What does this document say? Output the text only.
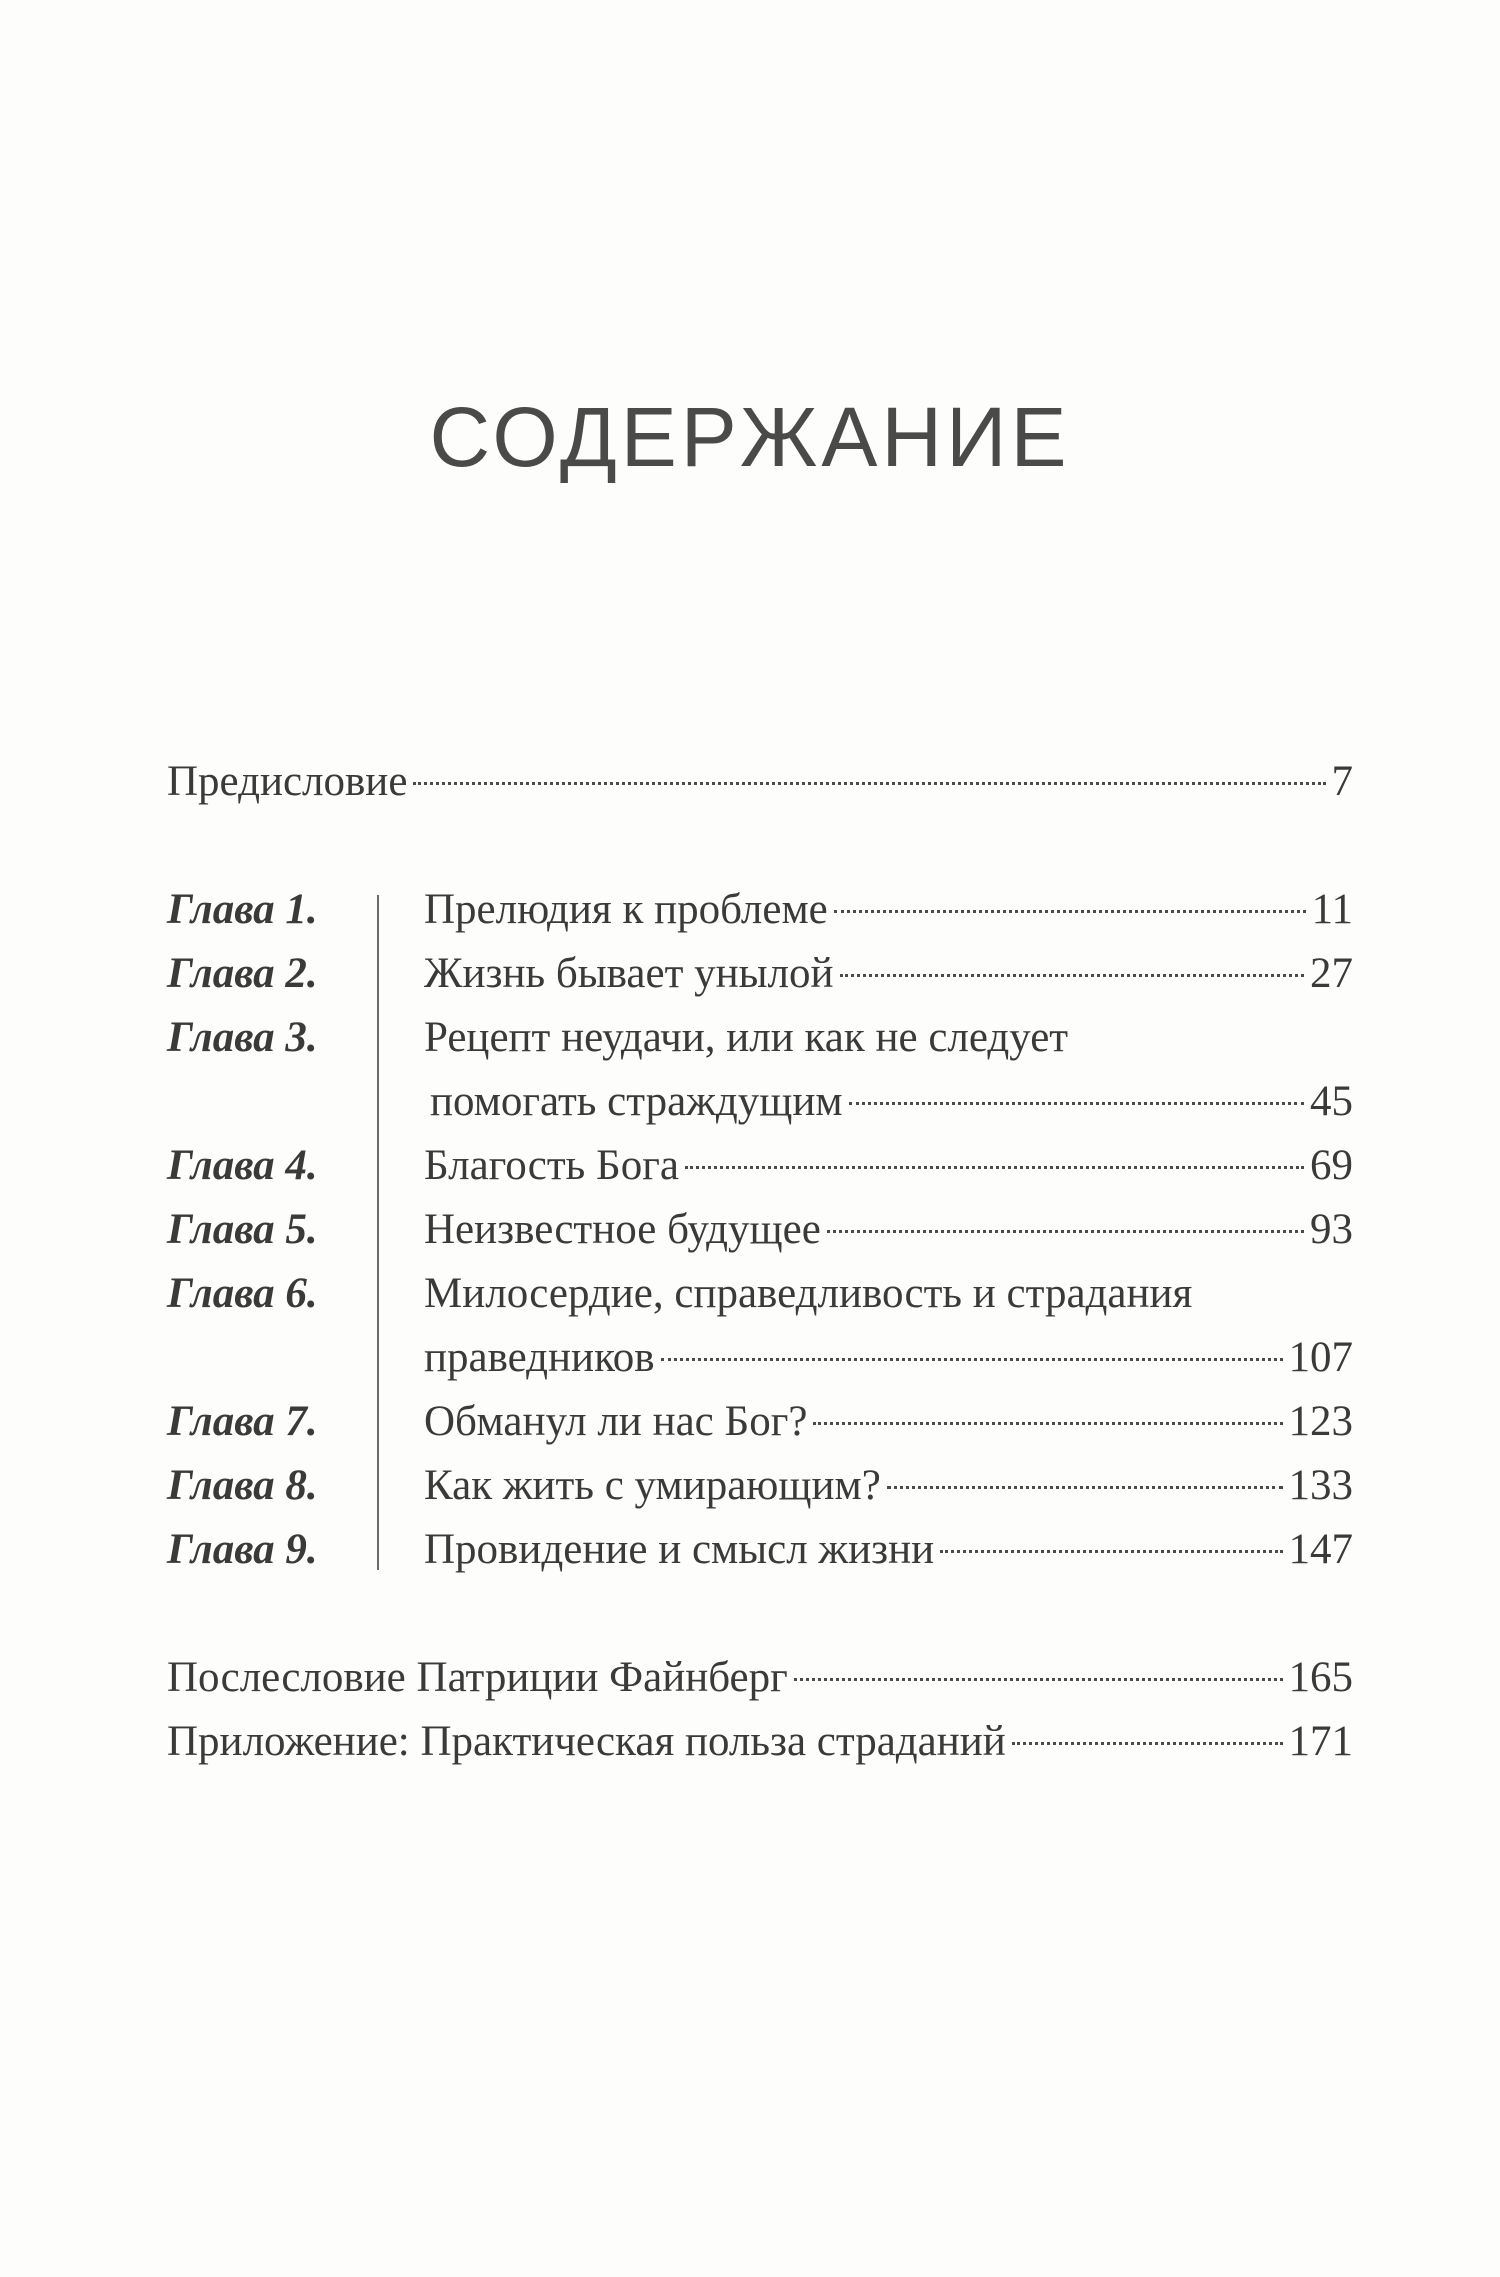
СОДЕРЖАНИЕ
Предисловие	7
Глава 1. Прелюдия к проблеме	11
Глава 2. Жизнь бывает унылой	27
Глава 3. Рецепт неудачи, или как не следует
помогать страждущим	45
Глава 4. Благость Бога	69
Глава 5. Неизвестное будущее	93
Глава 6. Милосердие, справедливость и страдания
праведников	107
Глава 7. Обманул ли нас Бог?	123
Глава 8. Как жить с умирающим?	133
Глава 9. Провидение и смысл жизни	147
Послесловие Патриции Файнберг	165
Приложение: Практическая польза страданий	171
